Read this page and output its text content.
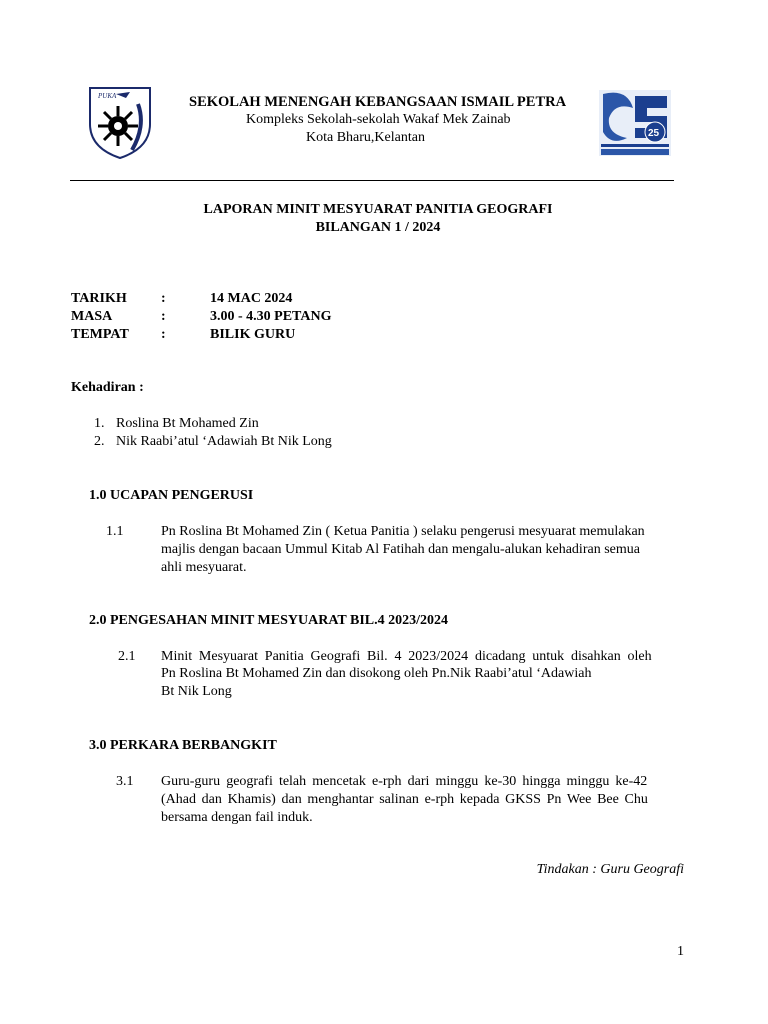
PUKA	SEKOLAH MENENGAH KEBANGSAAN ISMAIL PETRA
Kompleks Sekolah-sekolah Wakaf Mek Zainab
Kota Bharu,Kelantan	25
LAPORAN MINIT MESYUARAT PANITIA GEOGRAFI
BILANGAN 1 / 2024
TARIKH :	14 MAC 2024
MASA	:	3.00 - 4.30 PETANG
TEMPAT :	BILIK GURU
Kehadiran :
1. Roslina Bt Mohamed Zin
2. Nik Raabi’atul ‘Adawiah Bt Nik Long
1.0 UCAPAN PENGERUSI
1.1	Pn Roslina Bt Mohamed Zin ( Ketua Panitia ) selaku pengerusi mesyuarat memulakan
majlis dengan bacaan Ummul Kitab Al Fatihah dan mengalu-alukan kehadiran semua
ahli mesyuarat.
2.0 PENGESAHAN MINIT MESYUARAT BIL.4 2023/2024
2.1 Minit Mesyuarat Panitia Geografi Bil. 4 2023/2024 dicadang untuk disahkan oleh
Pn Roslina Bt Mohamed Zin dan disokong oleh Pn.Nik Raabi’atul ‘Adawiah
Bt Nik Long
3.0 PERKARA BERBANGKIT
3.1 Guru-guru geografi telah mencetak e-rph dari minggu ke-30 hingga minggu ke-42
(Ahad dan Khamis) dan menghantar salinan e-rph kepada GKSS Pn Wee Bee Chu
bersama dengan fail induk.
Tindakan : Guru Geografi
1
